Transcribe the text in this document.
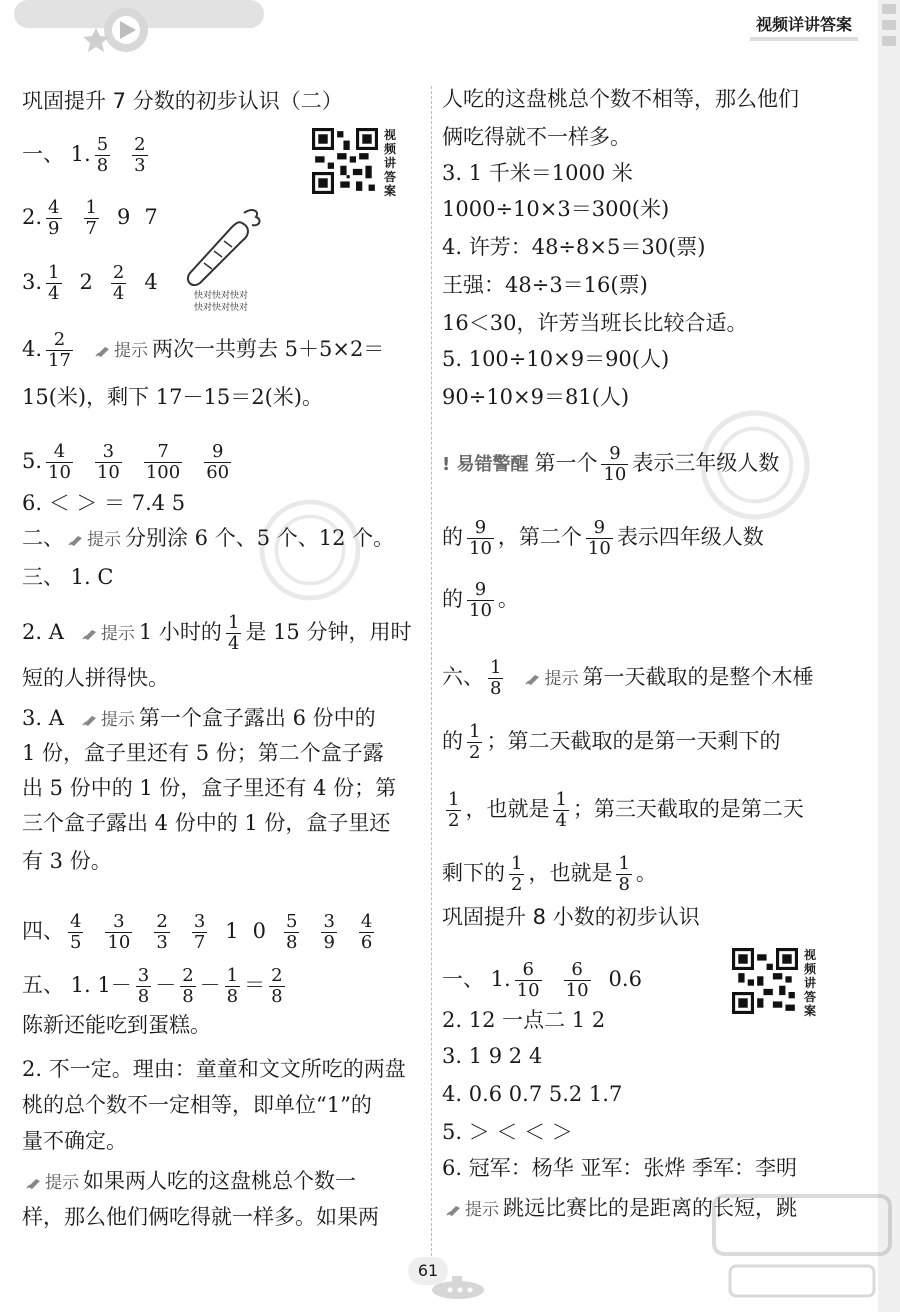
视频详讲答案
视频讲答案
视频讲答案
快对快对快对
快对快对快对
巩固提升 7 分数的初步认识（二）
一、 1. $\frac{5}{8} \frac{2}{3}$
2. $\frac{4}{9} \frac{1}{7} 9$ 7
3. $\frac{1}{4} 2 \frac{2}{4} 4$
4. $\frac{2}{17}$ 提示 两次一共剪去 5＋5×2＝
15(米)，剩下 17－15＝2(米)。
5. $\frac{4}{10} \frac{3}{10} \frac{7}{100} \frac{9}{60}$
6. ＜ ＞ ＝ 7.4 5
二、 提示 分别涂 6 个、5 个、12 个。
三、 1. C
2. A 提示 1 小时的 $\frac{1}{4}$ 是 15 分钟，用时
短的人拼得快。
3. A 提示 第一个盒子露出 6 份中的
1 份，盒子里还有 5 份；第二个盒子露
出 5 份中的 1 份，盒子里还有 4 份；第
三个盒子露出 4 份中的 1 份，盒子里还
有 3 份。
四、 $\frac{4}{5} \frac{3}{10} \frac{2}{3} \frac{3}{7} 1$ $0 \frac{5}{8} \frac{3}{9} \frac{4}{6}$
五、 1. $1- \frac{3}{8} - \frac{2}{8} - \frac{1}{8} = \frac{2}{8}$
陈新还能吃到蛋糕。
2. 不一定。理由：童童和文文所吃的两盘
桃的总个数不一定相等，即单位“1”的
量不确定。
提示 如果两人吃的这盘桃总个数一
样，那么他们俩吃得就一样多。如果两
人吃的这盘桃总个数不相等，那么他们
俩吃得就不一样多。
3. 1 千米＝1000 米
1000÷10×3＝300(米)
4. 许芳：48÷8×5＝30(票)
王强：48÷3＝16(票)
16＜30，许芳当班长比较合适。
5. 100÷10×9＝90(人)
90÷10×9＝81(人)
! 易错警醒 第一个 $\frac{9}{10}$ 表示三年级人数
的 $\frac{9}{10}$ ，第二个 $\frac{9}{10}$ 表示四年级人数
的 $\frac{9}{10}$ 。
六、 $\frac{1}{8}$ 提示 第一天截取的是整个木棰
的 $\frac{1}{2}$ ；第二天截取的是第一天剩下的
$\frac{1}{2}$ ，也就是 $\frac{1}{4}$ ；第三天截取的是第二天
剩下的 $\frac{1}{2}$ ，也就是 $\frac{1}{8}$ 。
巩固提升 8 小数的初步认识
一、 1. $\frac{6}{10} \frac{6}{10} 0.6$
2. 12 一点二 1 2
3. 1 9 2 4
4. 0.6 0.7 5.2 1.7
5. ＞ ＜ ＜ ＞
6. 冠军：杨华 亚军：张烨 季军：李明
提示 跳远比赛比的是距离的长短，跳
61
